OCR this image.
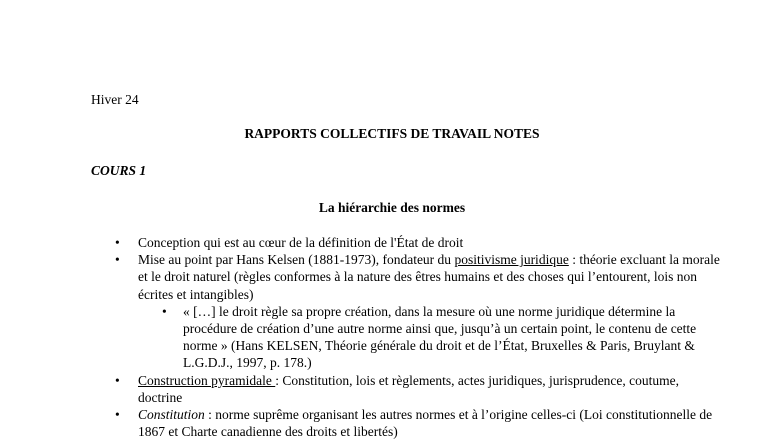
Hiver 24
RAPPORTS COLLECTIFS DE TRAVAIL NOTES
COURS 1
La hiérarchie des normes
• Conception qui est au cœur de la définition de l'État de droit
• Mise au point par Hans Kelsen (1881-1973), fondateur du positivisme juridique : théorie excluant la morale et le droit naturel (règles conformes à la nature des êtres humains et des choses qui l’entourent, lois non écrites et intangibles)
• « […] le droit règle sa propre création, dans la mesure où une norme juridique détermine la procédure de création d’une autre norme ainsi que, jusqu’à un certain point, le contenu de cette norme » (Hans KELSEN, Théorie générale du droit et de l’État, Bruxelles & Paris, Bruylant & L.G.D.J., 1997, p. 178.)
• Construction pyramidale : Constitution, lois et règlements, actes juridiques, jurisprudence, coutume, doctrine
• Constitution : norme suprême organisant les autres normes et à l’origine celles-ci (Loi constitutionnelle de 1867 et Charte canadienne des droits et libertés)
